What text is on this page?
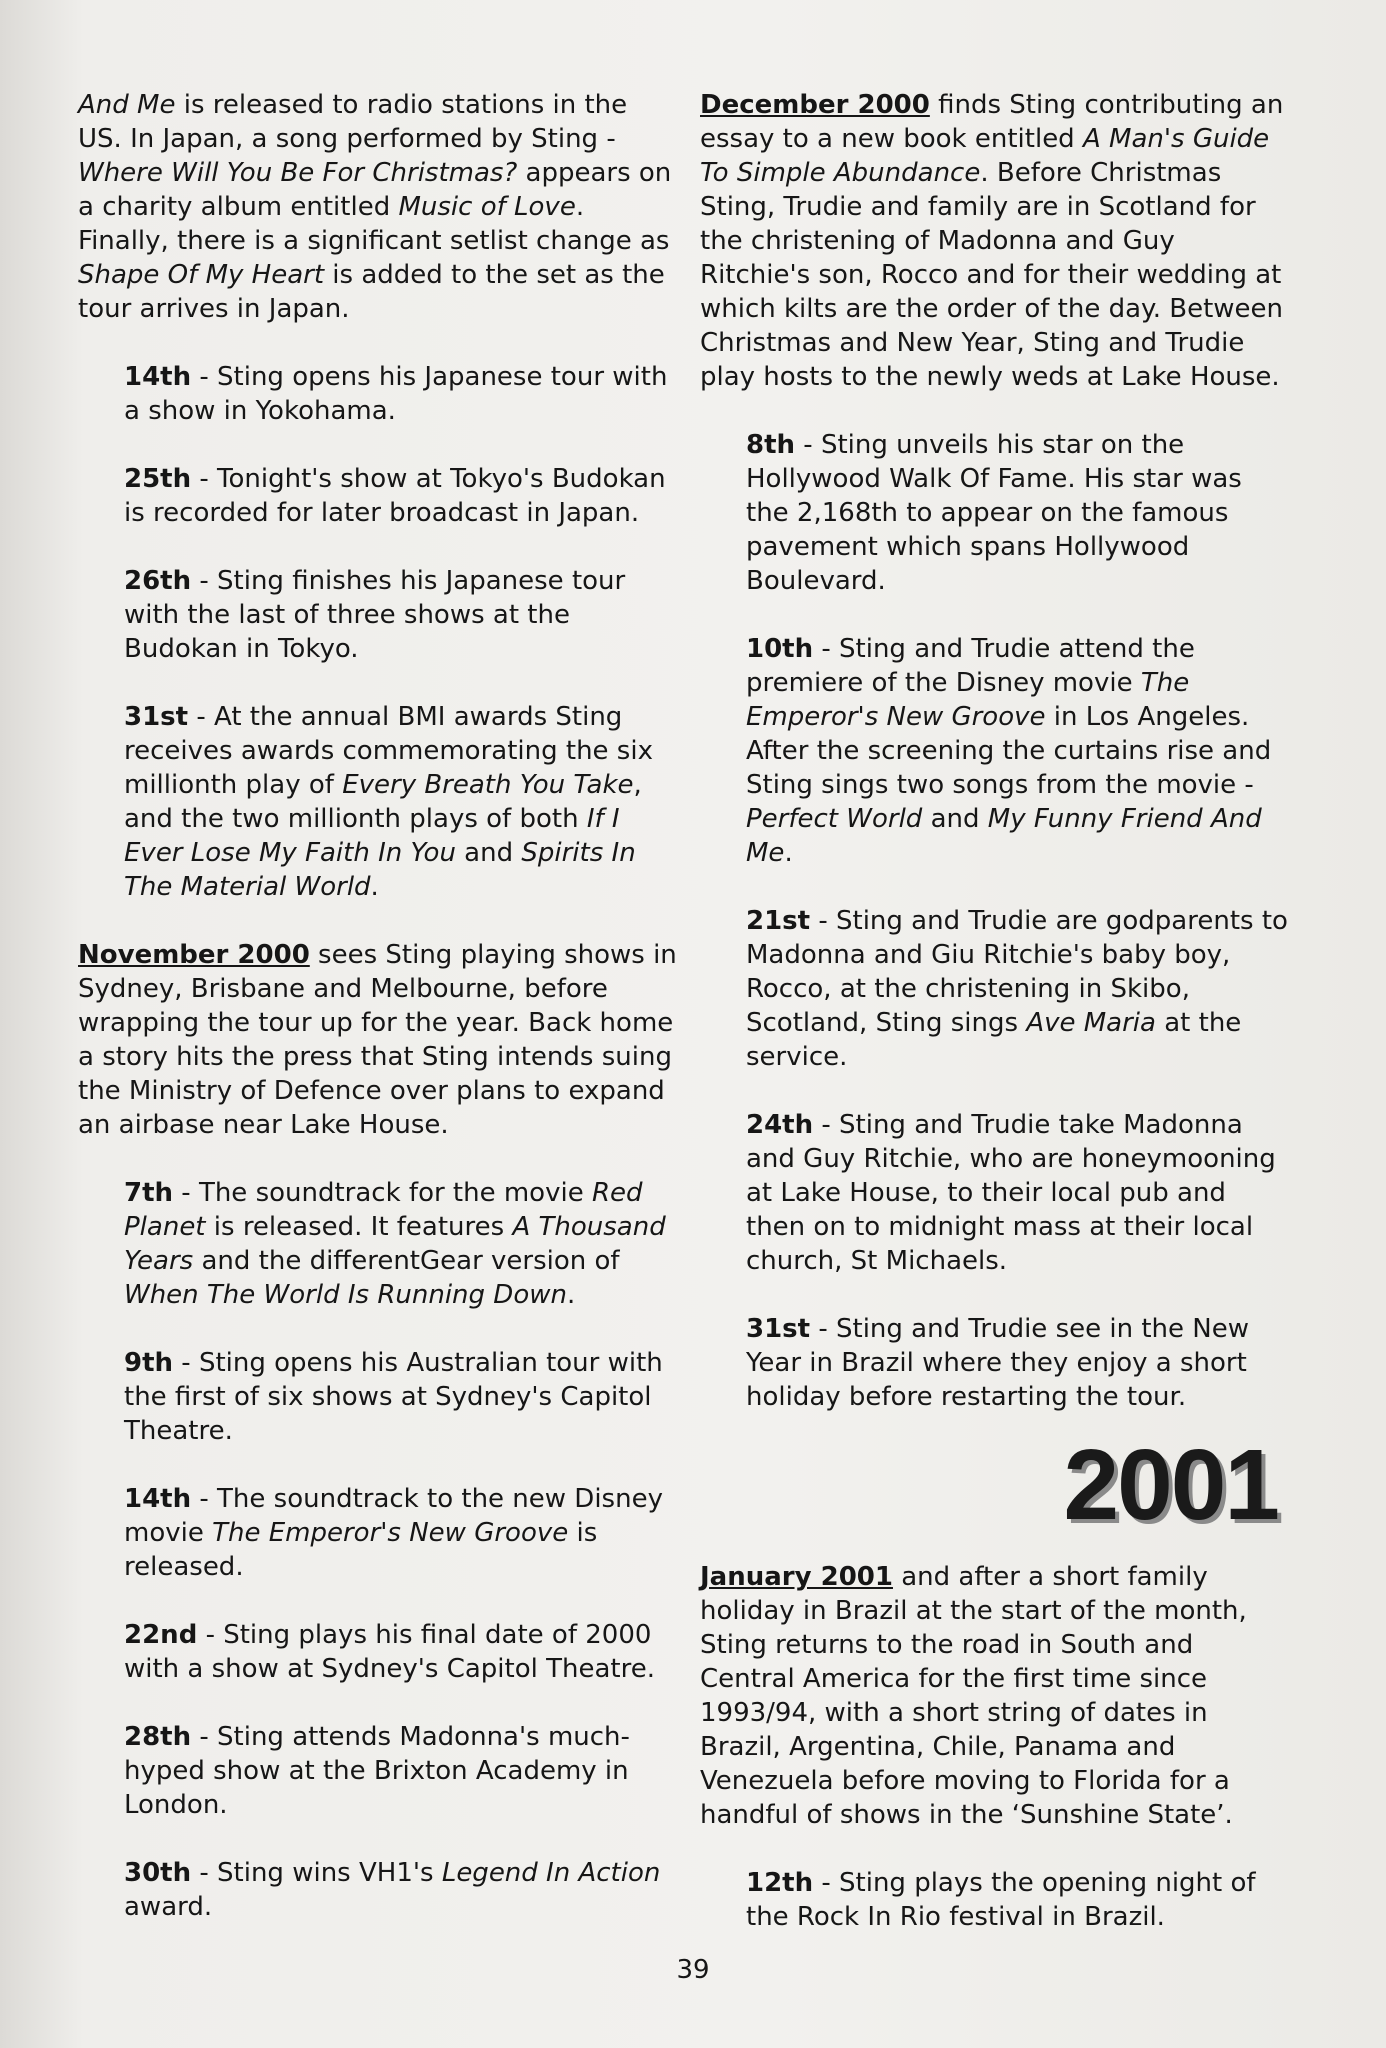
And Me is released to radio stations in the US. In Japan, a song performed by Sting - Where Will You Be For Christmas? appears on a charity album entitled Music of Love. Finally, there is a significant setlist change as Shape Of My Heart is added to the set as the tour arrives in Japan.

14th - Sting opens his Japanese tour with a show in Yokohama.

25th - Tonight's show at Tokyo's Budokan is recorded for later broadcast in Japan.

26th - Sting finishes his Japanese tour with the last of three shows at the Budokan in Tokyo.

31st - At the annual BMI awards Sting receives awards commemorating the six millionth play of Every Breath You Take, and the two millionth plays of both If I Ever Lose My Faith In You and Spirits In The Material World.

November 2000 sees Sting playing shows in Sydney, Brisbane and Melbourne, before wrapping the tour up for the year. Back home a story hits the press that Sting intends suing the Ministry of Defence over plans to expand an airbase near Lake House.

7th - The soundtrack for the movie Red Planet is released. It features A Thousand Years and the differentGear version of When The World Is Running Down.

9th - Sting opens his Australian tour with the first of six shows at Sydney's Capitol Theatre.

14th - The soundtrack to the new Disney movie The Emperor's New Groove is released.

22nd - Sting plays his final date of 2000 with a show at Sydney's Capitol Theatre.

28th - Sting attends Madonna's much-hyped show at the Brixton Academy in London.

30th - Sting wins VH1's Legend In Action award.

December 2000 finds Sting contributing an essay to a new book entitled A Man's Guide To Simple Abundance. Before Christmas Sting, Trudie and family are in Scotland for the christening of Madonna and Guy Ritchie's son, Rocco and for their wedding at which kilts are the order of the day. Between Christmas and New Year, Sting and Trudie play hosts to the newly weds at Lake House.

8th - Sting unveils his star on the Hollywood Walk Of Fame. His star was the 2,168th to appear on the famous pavement which spans Hollywood Boulevard.

10th - Sting and Trudie attend the premiere of the Disney movie The Emperor's New Groove in Los Angeles. After the screening the curtains rise and Sting sings two songs from the movie - Perfect World and My Funny Friend And Me.

21st - Sting and Trudie are godparents to Madonna and Giu Ritchie's baby boy, Rocco, at the christening in Skibo, Scotland, Sting sings Ave Maria at the service.

24th - Sting and Trudie take Madonna and Guy Ritchie, who are honeymooning at Lake House, to their local pub and then on to midnight mass at their local church, St Michaels.

31st - Sting and Trudie see in the New Year in Brazil where they enjoy a short holiday before restarting the tour.

2001

January 2001 and after a short family holiday in Brazil at the start of the month, Sting returns to the road in South and Central America for the first time since 1993/94, with a short string of dates in Brazil, Argentina, Chile, Panama and Venezuela before moving to Florida for a handful of shows in the ‘Sunshine State’.

12th - Sting plays the opening night of the Rock In Rio festival in Brazil.

39
